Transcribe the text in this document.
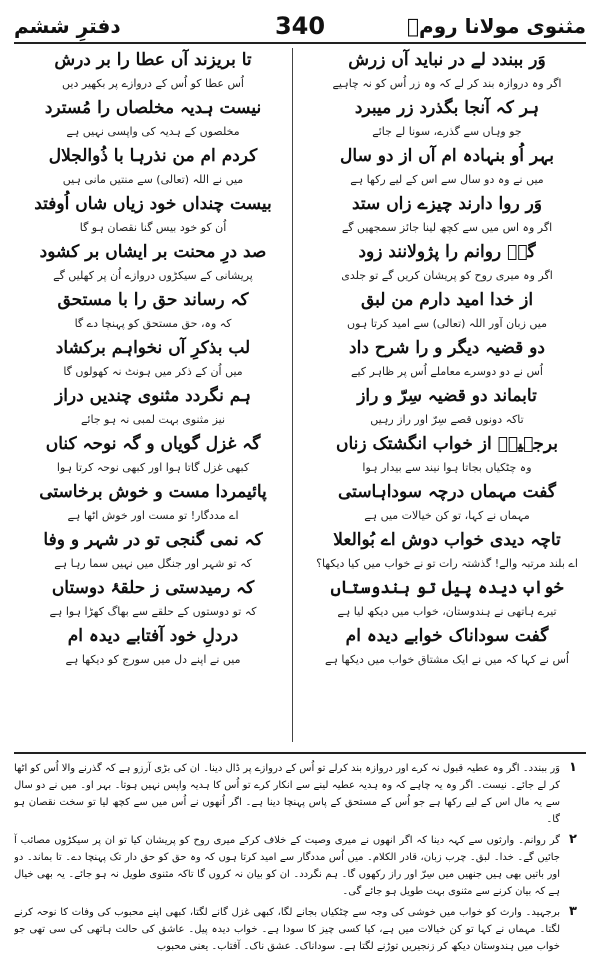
مثنوی مولانا رومؒ
340
دفترِ ششم
وَر ببندد لے در نباید آں زرش
اگر وہ دروازہ بند کر لے کہ وہ زر اُس کو نہ چاہیے
ہر کہ آنجا بگذرد زر میبرد
جو وہاں سے گذرے، سونا لے جائے
بہر اُو بنہادہ ام آں از دو سال
میں نے وہ دو سال سے اس کے لیے رکھا ہے
وَر روا دارند چیزے زاں ستد
اگر وہ اس میں سے کچھ لینا جائز سمجھیں گے
گرؔ روانم را پژولانند زود
اگر وہ میری روح کو پریشان کریں گے تو جلدی
از خدا امید دارم من لبق
میں زبان آور اللہ (تعالی) سے امید کرتا ہوں
دو قضیہ دیگر و را شرح داد
اُس نے دو دوسرے معاملے اُس پر ظاہر کیے
تابماند دو قضیہ سِرّ و راز
تاکہ دونوں قصے سِرّ اور راز رہیں
برجہیدؔ از خواب انگشتک زناں
وہ چٹکیاں بجاتا ہوا نیند سے بیدار ہوا
گفت مہماں درچہ سوداہاستی
مہماں نے کہا، تو کن خیالات میں ہے
تاچہ دیدی خواب دوش اے بُوالعلا
اے بلند مرتبہ والے! گذشتہ رات تو نے خواب میں کیا دیکھا؟
خواب دیدہ پیل تو ہندوستاں
تیرے ہاتھی نے ہندوستان، خواب میں دیکھ لیا ہے
گفت سوداناک خوابے دیدہ ام
اُس نے کہا کہ میں نے ایک مشتاق خواب میں دیکھا ہے
تا بریزند آں عطا را بر درش
اُس عطا کو اُس کے دروازے پر بکھیر دیں
نیست ہدیہ مخلصاں را مُسترد
مخلصوں کے ہدیہ کی واپسی نہیں ہے
کردم ام من نذرہا با ذُوالجلال
میں نے اللہ (تعالی) سے منتیں مانی ہیں
بیست چنداں خود زیاں شاں اُوفتد
اُن کو خود بیس گنا نقصان ہو گا
صد درِ محنت بر ایشاں بر کشود
پریشانی کے سیکڑوں دروازے اُن پر کھلیں گے
کہ رساند حق را با مستحق
کہ وہ، حق مستحق کو پہنچا دے گا
لب بذکرِ آں نخواہم برکشاد
میں اُن کے ذکر میں ہونٹ نہ کھولوں گا
ہم نگردد مثنوی چندیں دراز
نیز مثنوی بہت لمبی نہ ہو جائے
گہ غزل گویاں و گہ نوحہ کناں
کبھی غزل گاتا ہوا اور کبھی نوحہ کرتا ہوا
پائیمردا مست و خوش برخاستی
اے مددگار! تو مست اور خوش اٹھا ہے
کہ نمی گنجی تو در شہر و وفا
کہ تو شہر اور جنگل میں نہیں سما رہا ہے
کہ رمیدستی ز حلقۂ دوستاں
کہ تو دوستوں کے حلقے سے بھاگ کھڑا ہوا ہے
دردلِ خود آفتابے دیدہ ام
میں نے اپنے دل میں سورج کو دیکھا ہے
۱
وَر ببندد۔ اگر وہ عطیہ قبول نہ کرے اور دروازہ بند کرلے تو اُس کے دروازے پر ڈال دینا۔ ان کی بڑی آرزو ہے کہ گذرنے والا اُس کو اٹھا کر لے جائے۔ نیست۔ اگر وہ یہ چاہے کہ وہ ہدیہ عطیہ لینے سے انکار کرے تو اُس کا ہدیہ واپس نہیں ہوتا۔ بہر او۔ میں نے دو سال سے یہ مال اس کے لیے رکھا ہے جو اُس کے مستحق کے پاس پہنچا دینا ہے۔ اگر اُنھوں نے اُس میں سے کچھ لیا تو سخت نقصان ہو گا۔
۲
گر روانم۔ وارثوں سے کہہ دینا کہ اگر انھوں نے میری وصیت کے خلاف کرکے میری روح کو پریشان کیا تو ان پر سیکڑوں مصائب آ جائیں گے۔ خدا۔ لبق۔ چرب زبان، قادر الکلام۔ میں اُس مددگار سے امید کرتا ہوں کہ وہ حق کو حق دار تک پہنچا دے۔ تا بماند۔ دو اور باتیں بھی ہیں جنھیں میں سِرّ اور راز رکھوں گا۔ ہم نگردد۔ ان کو بیان نہ کروں گا تاکہ مثنوی طویل نہ ہو جائے۔ یہ بھی خیال ہے کہ بیان کرنے سے مثنوی بہت طویل ہو جائے گی۔
۳
برجہید۔ وارث کو خواب میں خوشی کی وجہ سے چٹکیاں بجانے لگا، کبھی غزل گانے لگتا، کبھی اپنے محبوب کی وفات کا نوحہ کرنے لگتا۔ مہماں نے کہا تو کن خیالات میں ہے، کیا کسی چیز کا سودا ہے۔ خواب دیدہ پیل۔ عاشق کی حالت ہاتھی کی سی تھی جو خواب میں ہندوستان دیکھ کر زنجیریں توڑنے لگتا ہے۔ سوداناک۔ عشق ناک۔ آفتاب۔ یعنی محبوب
